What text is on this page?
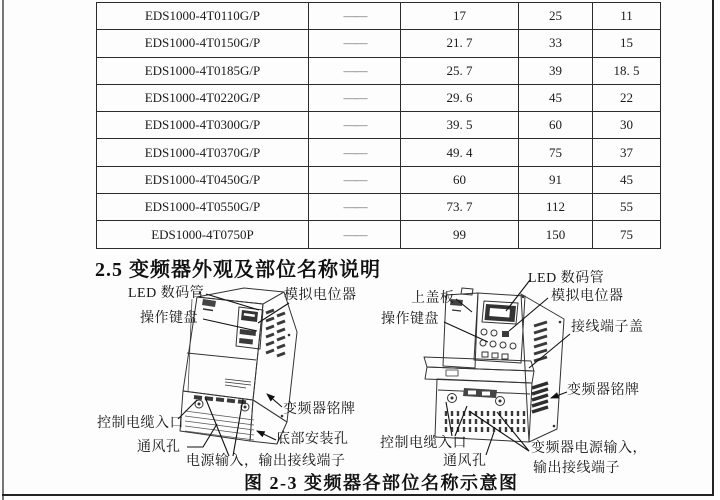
EDS1000-4T0110G/P	——	17	25	11
EDS1000-4T0150G/P	——	21. 7	33	15
EDS1000-4T0185G/P	——	25. 7	39	18. 5
EDS1000-4T0220G/P	——	29. 6	45	22
EDS1000-4T0300G/P	——	39. 5	60	30
EDS1000-4T0370G/P	——	49. 4	75	37
EDS1000-4T0450G/P	——	60	91	45
EDS1000-4T0550G/P	——	73. 7	112	55
EDS1000-4T0750P	——	99	150	75
2.5 变频器外观及部位名称说明
LED 数码管
操作键盘
模拟电位器
控制电缆入口
通风孔
电源输入，输出接线端子
变频器铭牌
底部安装孔
LED 数码管
模拟电位器
上盖板
操作键盘
接线端子盖
变频器铭牌
控制电缆入口
通风孔
变频器电源输入，
输出接线端子
图 2-3 变频器各部位名称示意图
